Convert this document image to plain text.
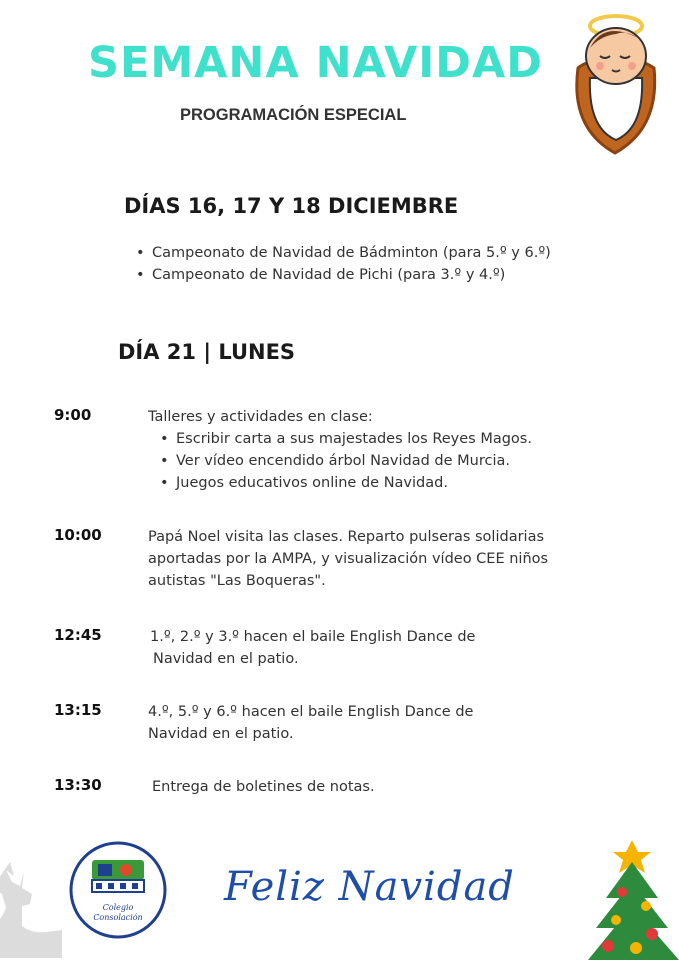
SEMANA NAVIDAD
PROGRAMACIÓN ESPECIAL
DÍAS 16, 17 Y 18 DICIEMBRE
• Campeonato de Navidad de Bádminton (para 5.º y 6.º)
• Campeonato de Navidad de Pichi (para 3.º y 4.º)
DÍA 21 | LUNES
9:00	Talleres y actividades en clase:

• Escribir carta a sus majestades los Reyes Magos.
• Ver vídeo encendido árbol Navidad de Murcia.
• Juegos educativos online de Navidad.
10:00	Papá Noel visita las clases. Reparto pulseras solidarias

aportadas por la AMPA, y visualización vídeo CEE niños

autistas "Las Boqueras".

12:45	1.º, 2.º y 3.º hacen el baile English Dance de

Navidad en el patio.

13:15	4.º, 5.º y 6.º hacen el baile English Dance de

Navidad en el patio.

13:30	Entrega de boletines de notas.

Colegio
Consolación
Feliz Navidad
